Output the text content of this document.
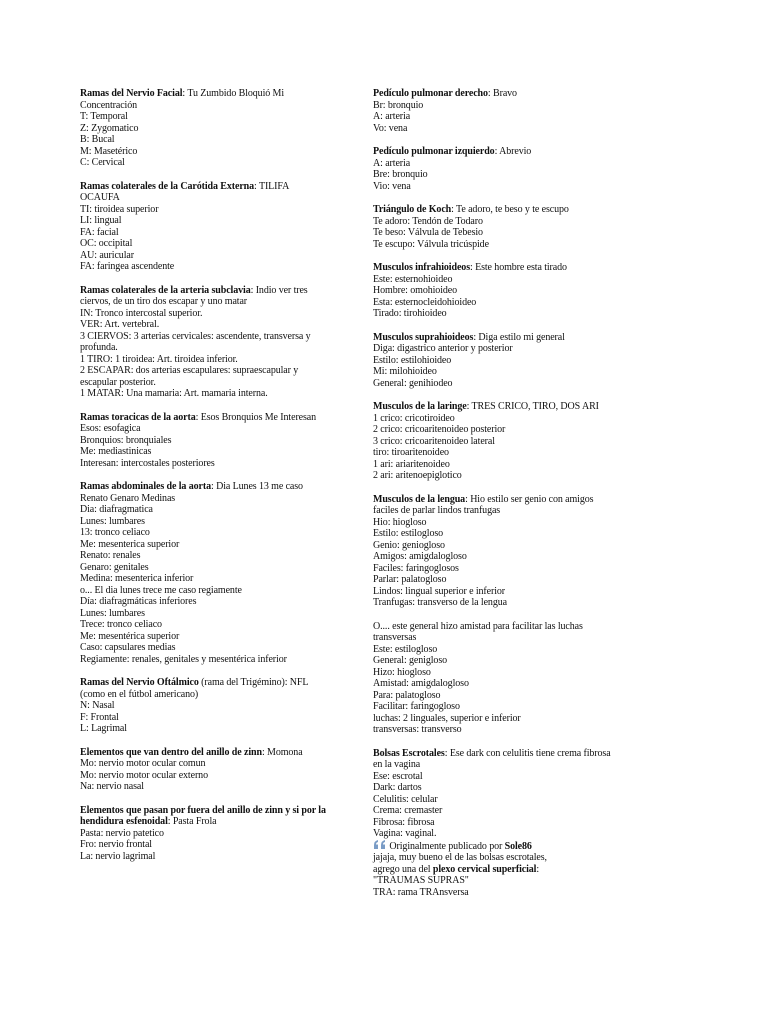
Ramas del Nervio Facial: Tu Zumbido Bloquió Mi Concentración
T: Temporal
Z: Zygomatico
B: Bucal
M: Masetérico
C: Cervical
Ramas colaterales de la Carótida Externa: TILIFA OCAUFA
TI: tiroidea superior
LI: lingual
FA: facial
OC: occipital
AU: auricular
FA: faringea ascendente
Ramas colaterales de la arteria subclavia: Indio ver tres ciervos, de un tiro dos escapar y uno matar
IN: Tronco intercostal superior.
VER: Art. vertebral.
3 CIERVOS: 3 arterias cervicales: ascendente, transversa y profunda.
1 TIRO: 1 tiroidea: Art. tiroidea inferior.
2 ESCAPAR: dos arterias escapulares: supraescapular y escapular posterior.
1 MATAR: Una mamaria: Art. mamaria interna.
Ramas toracicas de la aorta: Esos Bronquios Me Interesan
Esos: esofagica
Bronquios: bronquiales
Me: mediastinicas
Interesan: intercostales posteriores
Ramas abdominales de la aorta: Dia Lunes 13 me caso Renato Genaro Medinas
Dia: diafragmatica
Lunes: lumbares
13: tronco celiaco
Me: mesenterica superior
Renato: renales
Genaro: genitales
Medina: mesenterica inferior
o... El dia lunes trece me caso regiamente
Día: diafragmáticas inferiores
Lunes: lumbares
Trece: tronco celiaco
Me: mesentérica superior
Caso: capsulares medias
Regiamente: renales, genitales y mesentérica inferior
Ramas del Nervio Oftálmico (rama del Trigémino): NFL (como en el fútbol americano)
N: Nasal
F: Frontal
L: Lagrimal
Elementos que van dentro del anillo de zinn: Momona
Mo: nervio motor ocular comun
Mo: nervio motor ocular externo
Na: nervio nasal
Elementos que pasan por fuera del anillo de zinn y si por la hendidura esfenoidal: Pasta Frola
Pasta: nervio patetico
Fro: nervio frontal
La: nervio lagrimal
Pedículo pulmonar derecho: Bravo
Br: bronquio
A: arteria
Vo: vena
Pedículo pulmonar izquierdo: Abrevio
A: arteria
Bre: bronquio
Vio: vena
Triángulo de Koch: Te adoro, te beso y te escupo
Te adoro: Tendón de Todaro
Te beso: Válvula de Tebesio
Te escupo: Válvula tricúspide
Musculos infrahioideos: Este hombre esta tirado
Este: esternohioideo
Hombre: omohioideo
Esta: esternocleidohioideo
Tirado: tirohioideo
Musculos suprahioideos: Diga estilo mi general
Diga: digastrico anterior y posterior
Estilo: estilohioideo
Mi: milohioideo
General: genihiodeo
Musculos de la laringe: TRES CRICO, TIRO, DOS ARI
1 crico: cricotiroideo
2 crico: cricoaritenoideo posterior
3 crico: cricoaritenoideo lateral
tiro: tiroaritenoideo
1 ari: ariaritenoideo
2 ari: aritenoepiglotico
Musculos de la lengua: Hio estilo ser genio con amigos faciles de parlar lindos tranfugas
Hio: hiogloso
Estilo: estilogloso
Genio: geniogloso
Amigos: amigdalogloso
Faciles: faringoglosos
Parlar: palatogloso
Lindos: lingual superior e inferior
Tranfugas: transverso de la lengua
O.... este general hizo amistad para facilitar las luchas transversas
Este: estilogloso
General: genigloso
Hizo: hiogloso
Amistad: amigdalogloso
Para: palatogloso
Facilitar: faringogloso
luchas: 2 linguales, superior e inferior
transversas: transverso
Bolsas Escrotales: Ese dark con celulitis tiene crema fibrosa en la vagina
Ese: escrotal
Dark: dartos
Celulitis: celular
Crema: cremaster
Fibrosa: fibrosa
Vagina: vaginal.
Originalmente publicado por Sole86
jajaja, muy bueno el de las bolsas escrotales,
agrego una del plexo cervical superficial:
"TRAUMAS SUPRAS"
TRA: rama TRAnsversa
